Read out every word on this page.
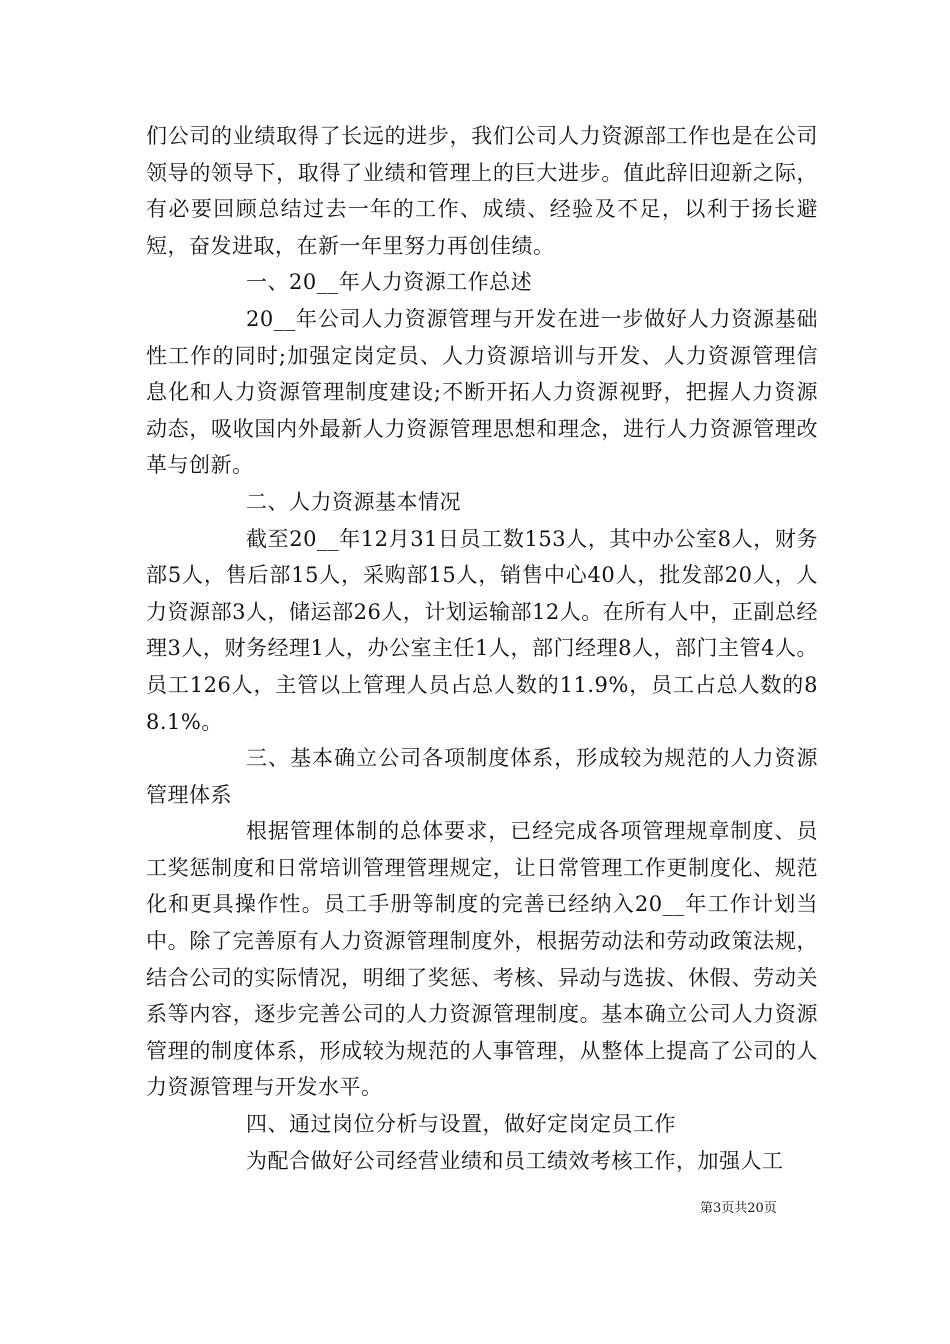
们公司的业绩取得了长远的进步，我们公司人力资源部工作也是在公司领导的领导下，取得了业绩和管理上的巨大进步。值此辞旧迎新之际，有必要回顾总结过去一年的工作、成绩、经验及不足，以利于扬长避短，奋发进取，在新一年里努力再创佳绩。

一、20__年人力资源工作总述

20__年公司人力资源管理与开发在进一步做好人力资源基础性工作的同时;加强定岗定员、人力资源培训与开发、人力资源管理信息化和人力资源管理制度建设;不断开拓人力资源视野，把握人力资源动态，吸收国内外最新人力资源管理思想和理念，进行人力资源管理改革与创新。

二、人力资源基本情况

截至20__年12月31日员工数153人，其中办公室8人，财务部5人，售后部15人，采购部15人，销售中心40人，批发部20人，人力资源部3人，储运部26人，计划运输部12人。在所有人中，正副总经理3人，财务经理1人，办公室主任1人，部门经理8人，部门主管4人。员工126人，主管以上管理人员占总人数的11.9%，员工占总人数的88.1%。

三、基本确立公司各项制度体系，形成较为规范的人力资源管理体系

根据管理体制的总体要求，已经完成各项管理规章制度、员工奖惩制度和日常培训管理管理规定，让日常管理工作更制度化、规范化和更具操作性。员工手册等制度的完善已经纳入20__年工作计划当中。除了完善原有人力资源管理制度外，根据劳动法和劳动政策法规，结合公司的实际情况，明细了奖惩、考核、异动与选拔、休假、劳动关系等内容，逐步完善公司的人力资源管理制度。基本确立公司人力资源管理的制度体系，形成较为规范的人事管理，从整体上提高了公司的人力资源管理与开发水平。

四、通过岗位分析与设置，做好定岗定员工作

为配合做好公司经营业绩和员工绩效考核工作，加强人工

第3页共20页
